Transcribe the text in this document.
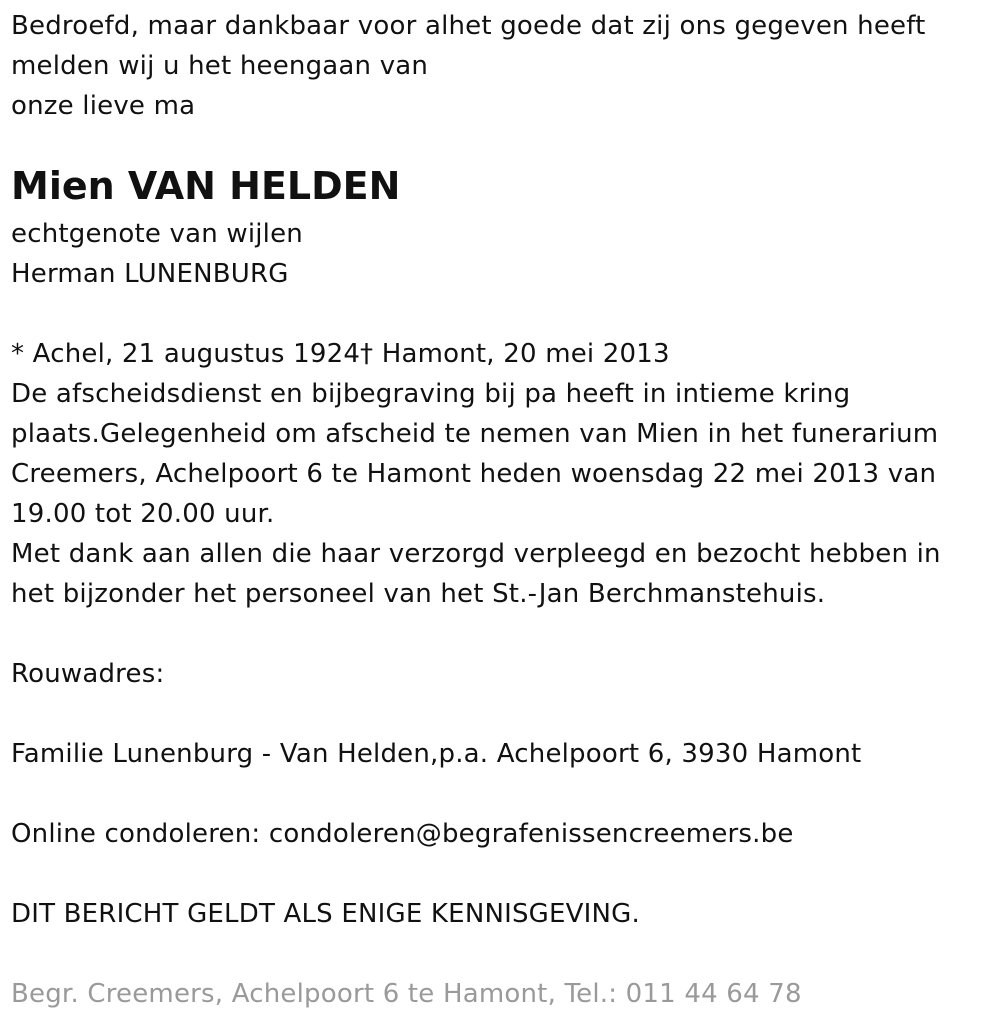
Bedroefd, maar dankbaar voor alhet goede dat zij ons gegeven heeft
melden wij u het heengaan van
onze lieve ma
Mien VAN HELDEN
echtgenote van wijlen
Herman LUNENBURG
* Achel, 21 augustus 1924† Hamont, 20 mei 2013
De afscheidsdienst en bijbegraving bij pa heeft in intieme kring
plaats.Gelegenheid om afscheid te nemen van Mien in het funerarium
Creemers, Achelpoort 6 te Hamont heden woensdag 22 mei 2013 van
19.00 tot 20.00 uur.
Met dank aan allen die haar verzorgd verpleegd en bezocht hebben in
het bijzonder het personeel van het St.-Jan Berchmanstehuis.
Rouwadres:
Familie Lunenburg - Van Helden,p.a. Achelpoort 6, 3930 Hamont
Online condoleren: condoleren@begrafenissencreemers.be
DIT BERICHT GELDT ALS ENIGE KENNISGEVING.
Begr. Creemers, Achelpoort 6 te Hamont, Tel.: 011 44 64 78
